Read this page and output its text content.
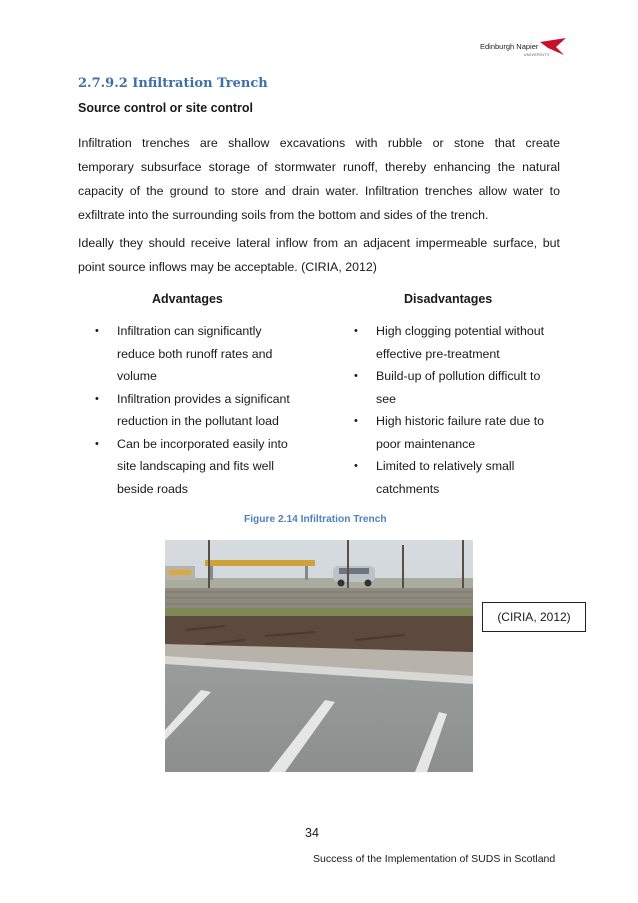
Edinburgh Napier
UNIVERSITY
2.7.9.2 Infiltration Trench
Source control or site control
Infiltration trenches are shallow excavations with rubble or stone that create
temporary subsurface storage of stormwater runoff, thereby enhancing the natural
capacity of the ground to store and drain water. Infiltration trenches allow water to
exfiltrate into the surrounding soils from the bottom and sides of the trench.
Ideally they should receive lateral inflow from an adjacent impermeable surface, but
point source inflows may be acceptable. (CIRIA, 2012)
Advantages	Disadvantages
• Infiltration can significantly
reduce both runoff rates and
volume
• Infiltration provides a significant
reduction in the pollutant load
• Can be incorporated easily into
site landscaping and fits well
beside roads
• High clogging potential without
effective pre-treatment
• Build-up of pollution difficult to
see
• High historic failure rate due to
poor maintenance
• Limited to relatively small
catchments
Figure 2.14 Infiltration Trench
(CIRIA, 2012)
34
Success of the Implementation of SUDS in Scotland
